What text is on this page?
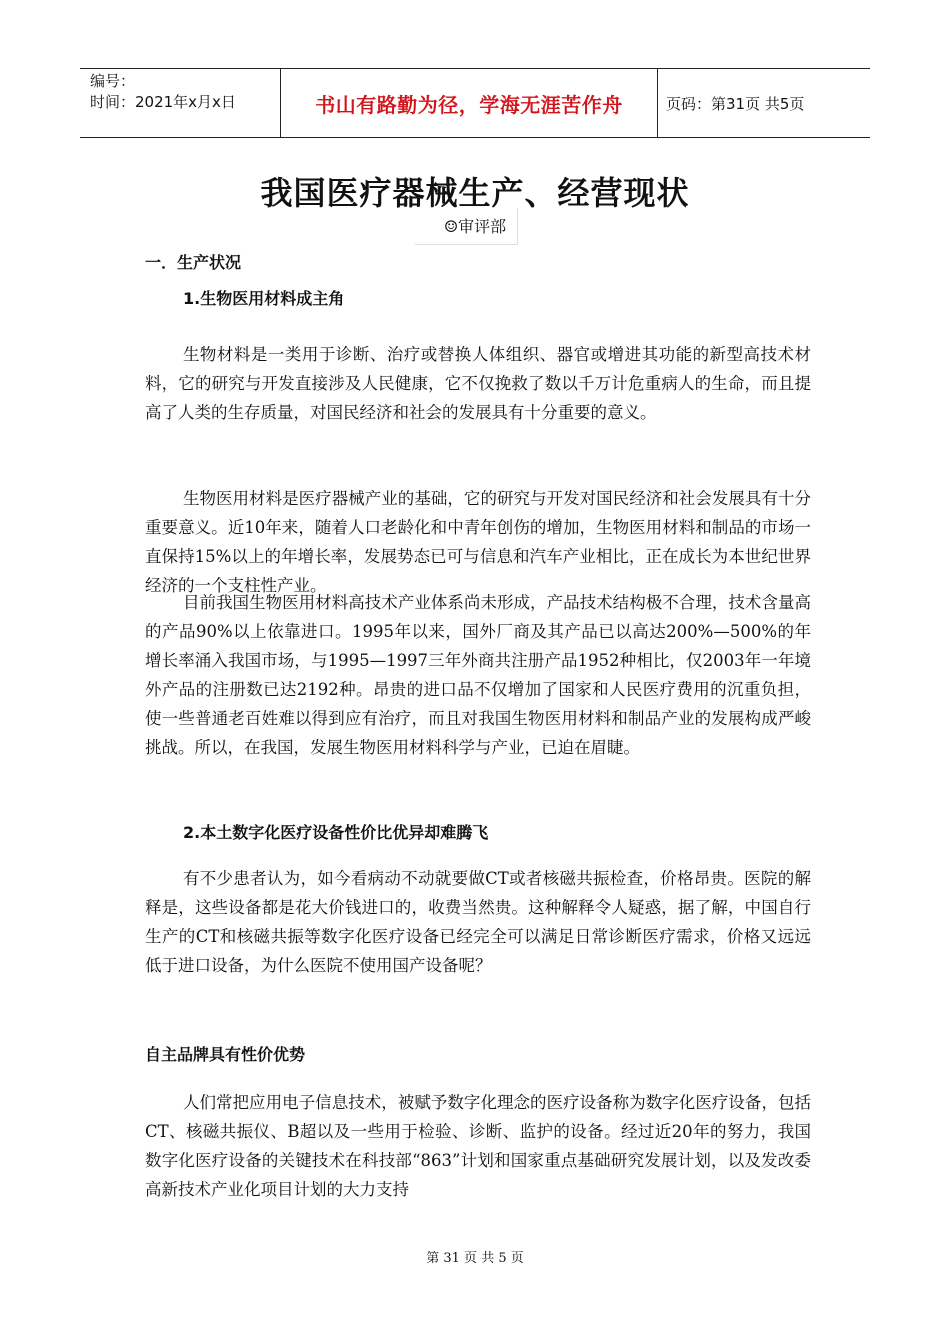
编号：
时间：2021年x月x日	书山有路勤为径，学海无涯苦作舟	页码：第31页 共5页
我国医疗器械生产、经营现状
☺审评部
一．生产状况
1.生物医用材料成主角

生物材料是一类用于诊断、治疗或替换人体组织、器官或增进其功能的新型高技术材料，它的研究与开发直接涉及人民健康，它不仅挽救了数以千万计危重病人的生命，而且提高了人类的生存质量，对国民经济和社会的发展具有十分重要的意义。

生物医用材料是医疗器械产业的基础，它的研究与开发对国民经济和社会发展具有十分重要意义。近10年来，随着人口老龄化和中青年创伤的增加，生物医用材料和制品的市场一直保持15%以上的年增长率，发展势态已可与信息和汽车产业相比，正在成长为本世纪世界经济的一个支柱性产业。

目前我国生物医用材料高技术产业体系尚未形成，产品技术结构极不合理，技术含量高的产品90%以上依靠进口。1995年以来，国外厂商及其产品已以高达200%—500%的年增长率涌入我国市场，与1995—1997三年外商共注册产品1952种相比，仅2003年一年境外产品的注册数已达2192种。昂贵的进口品不仅增加了国家和人民医疗费用的沉重负担，使一些普通老百姓难以得到应有治疗，而且对我国生物医用材料和制品产业的发展构成严峻挑战。所以，在我国，发展生物医用材料科学与产业，已迫在眉睫。

2.本土数字化医疗设备性价比优异却难腾飞

有不少患者认为，如今看病动不动就要做CT或者核磁共振检查，价格昂贵。医院的解释是，这些设备都是花大价钱进口的，收费当然贵。这种解释令人疑惑，据了解，中国自行生产的CT和核磁共振等数字化医疗设备已经完全可以满足日常诊断医疗需求，价格又远远低于进口设备，为什么医院不使用国产设备呢？

自主品牌具有性价优势

人们常把应用电子信息技术，被赋予数字化理念的医疗设备称为数字化医疗设备，包括CT、核磁共振仪、B超以及一些用于检验、诊断、监护的设备。经过近20年的努力，我国数字化医疗设备的关键技术在科技部“863”计划和国家重点基础研究发展计划，以及发改委高新技术产业化项目计划的大力支持

第 31 页 共 5 页
